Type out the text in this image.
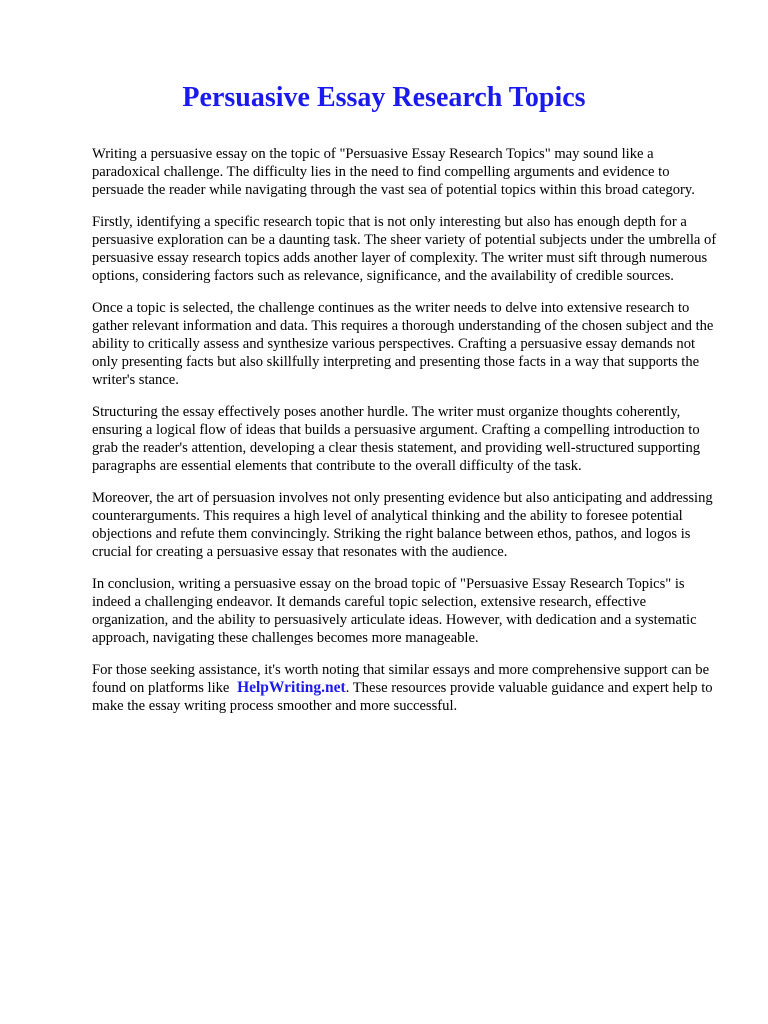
Persuasive Essay Research Topics

Writing a persuasive essay on the topic of "Persuasive Essay Research Topics" may sound like a paradoxical challenge. The difficulty lies in the need to find compelling arguments and evidence to persuade the reader while navigating through the vast sea of potential topics within this broad category.

Firstly, identifying a specific research topic that is not only interesting but also has enough depth for a persuasive exploration can be a daunting task. The sheer variety of potential subjects under the umbrella of persuasive essay research topics adds another layer of complexity. The writer must sift through numerous options, considering factors such as relevance, significance, and the availability of credible sources.

Once a topic is selected, the challenge continues as the writer needs to delve into extensive research to gather relevant information and data. This requires a thorough understanding of the chosen subject and the ability to critically assess and synthesize various perspectives. Crafting a persuasive essay demands not only presenting facts but also skillfully interpreting and presenting those facts in a way that supports the writer's stance.

Structuring the essay effectively poses another hurdle. The writer must organize thoughts coherently, ensuring a logical flow of ideas that builds a persuasive argument. Crafting a compelling introduction to grab the reader's attention, developing a clear thesis statement, and providing well-structured supporting paragraphs are essential elements that contribute to the overall difficulty of the task.

Moreover, the art of persuasion involves not only presenting evidence but also anticipating and addressing counterarguments. This requires a high level of analytical thinking and the ability to foresee potential objections and refute them convincingly. Striking the right balance between ethos, pathos, and logos is crucial for creating a persuasive essay that resonates with the audience.

In conclusion, writing a persuasive essay on the broad topic of "Persuasive Essay Research Topics" is indeed a challenging endeavor. It demands careful topic selection, extensive research, effective organization, and the ability to persuasively articulate ideas. However, with dedication and a systematic approach, navigating these challenges becomes more manageable.

For those seeking assistance, it's worth noting that similar essays and more comprehensive support can be found on platforms like HelpWriting.net. These resources provide valuable guidance and expert help to make the essay writing process smoother and more successful.
